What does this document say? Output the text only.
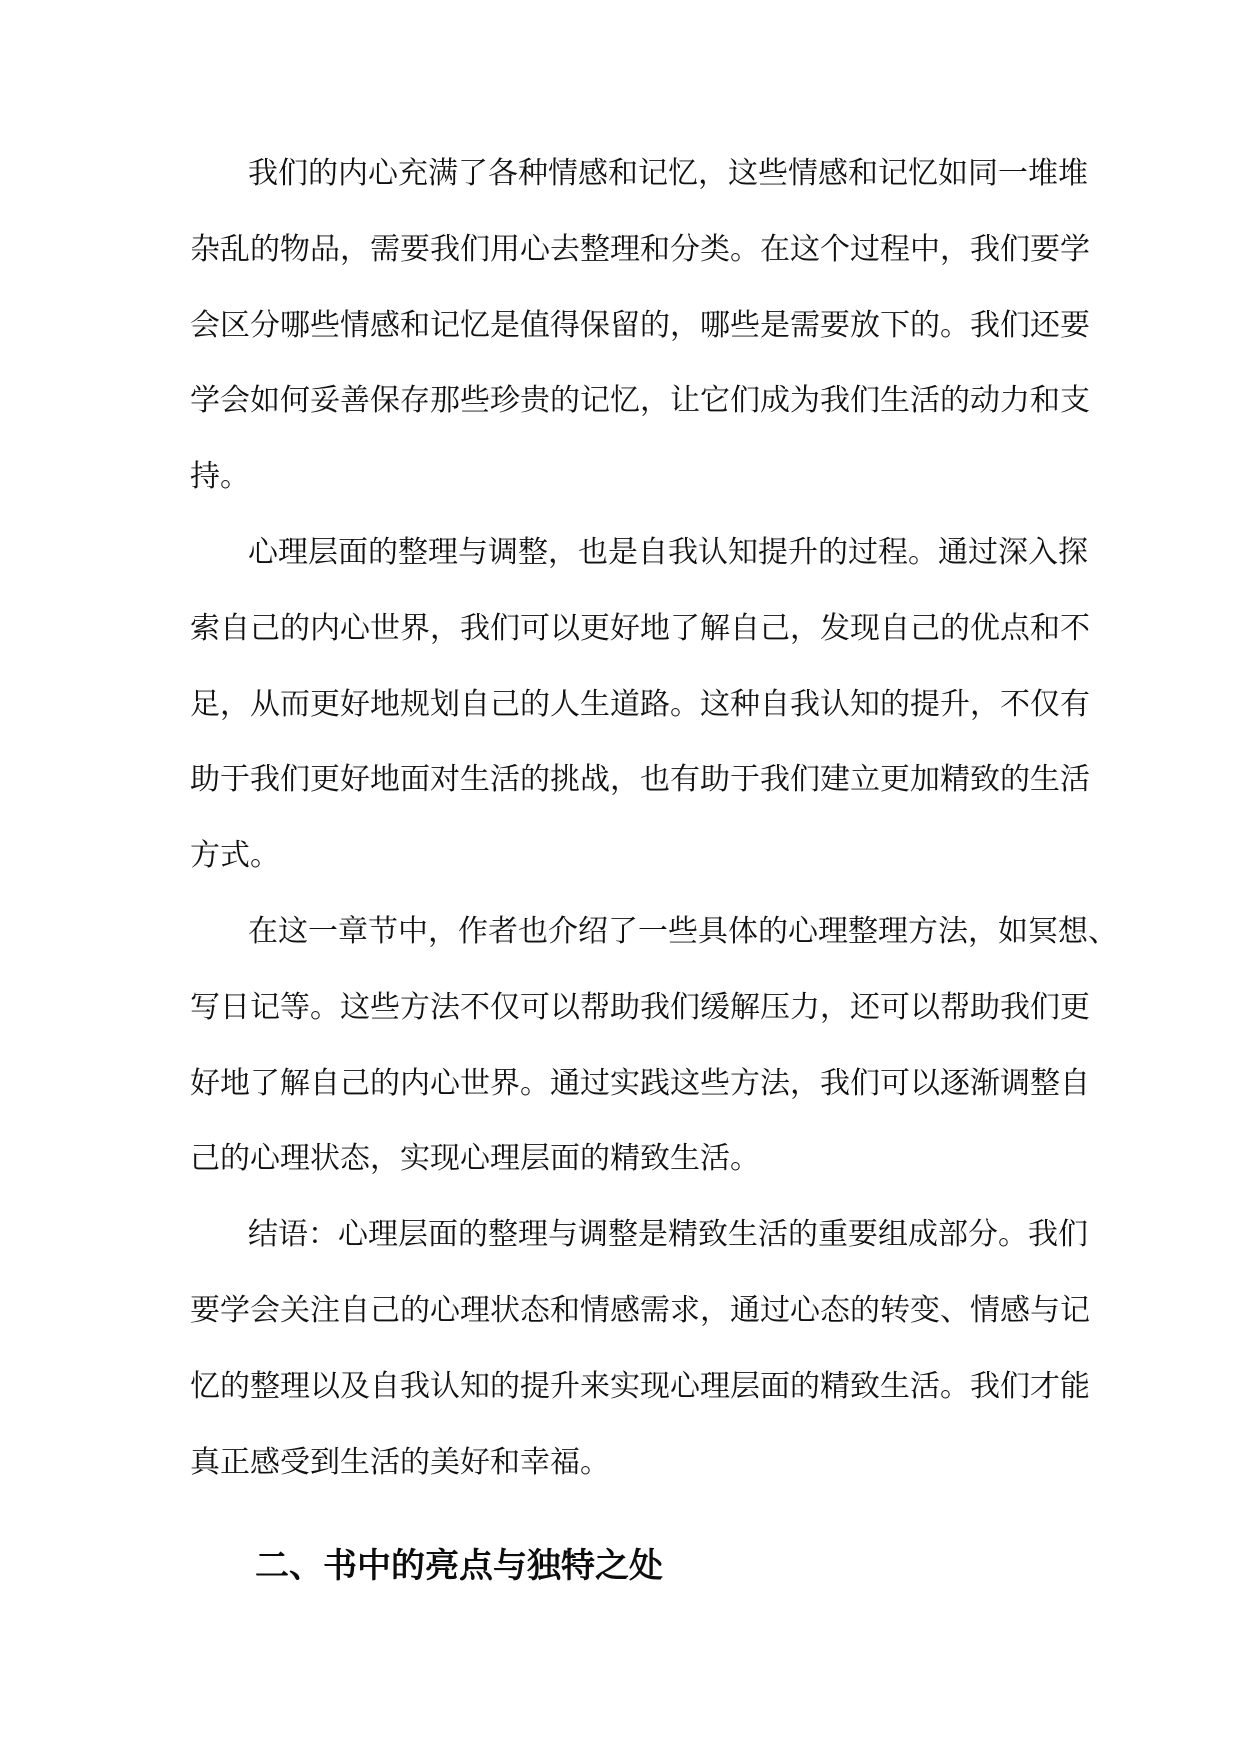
我们的内心充满了各种情感和记忆，这些情感和记忆如同一堆堆
杂乱的物品，需要我们用心去整理和分类。在这个过程中，我们要学
会区分哪些情感和记忆是值得保留的，哪些是需要放下的。我们还要
学会如何妥善保存那些珍贵的记忆，让它们成为我们生活的动力和支
持。
心理层面的整理与调整，也是自我认知提升的过程。通过深入探
索自己的内心世界，我们可以更好地了解自己，发现自己的优点和不
足，从而更好地规划自己的人生道路。这种自我认知的提升，不仅有
助于我们更好地面对生活的挑战，也有助于我们建立更加精致的生活
方式。
在这一章节中，作者也介绍了一些具体的心理整理方法，如冥想、
写日记等。这些方法不仅可以帮助我们缓解压力，还可以帮助我们更
好地了解自己的内心世界。通过实践这些方法，我们可以逐渐调整自
己的心理状态，实现心理层面的精致生活。
结语：心理层面的整理与调整是精致生活的重要组成部分。我们
要学会关注自己的心理状态和情感需求，通过心态的转变、情感与记
忆的整理以及自我认知的提升来实现心理层面的精致生活。我们才能
真正感受到生活的美好和幸福。
二、书中的亮点与独特之处
